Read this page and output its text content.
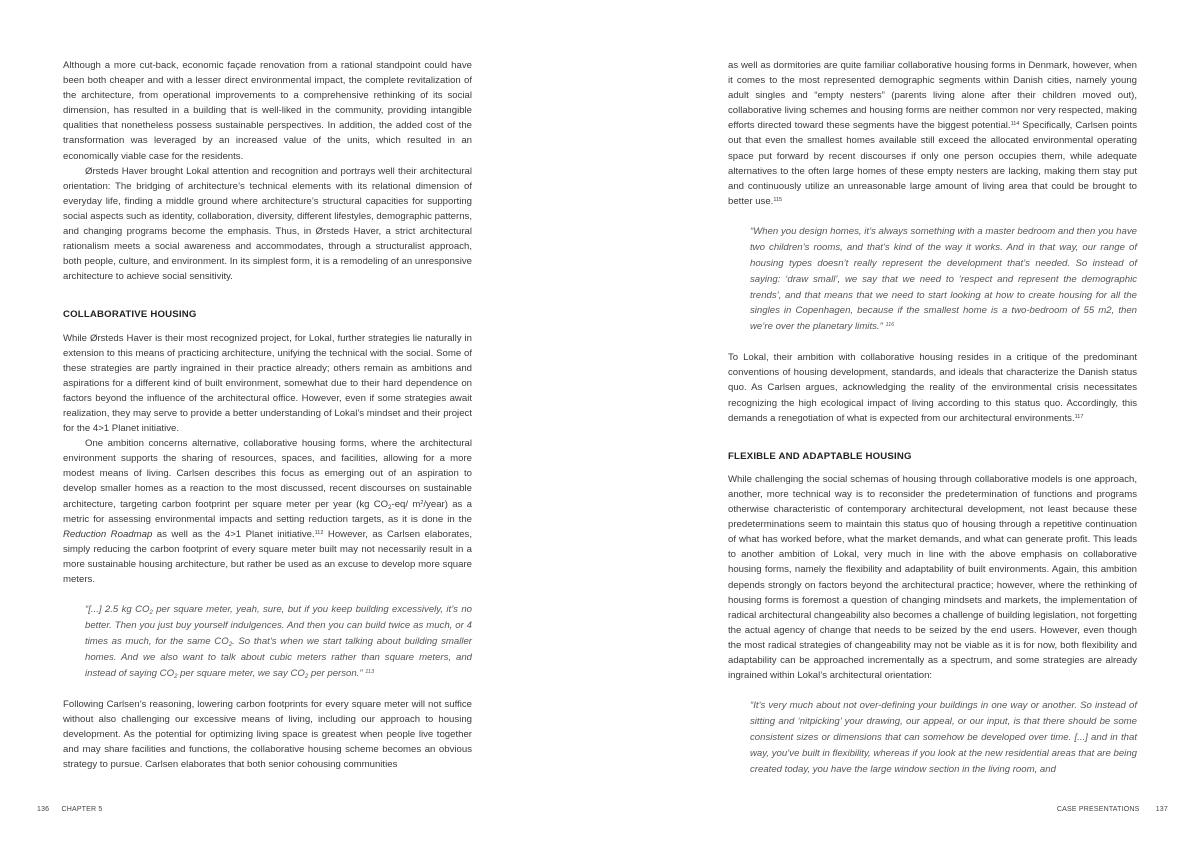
Although a more cut-back, economic façade renovation from a rational standpoint could have been both cheaper and with a lesser direct environmental impact, the complete revitalization of the architecture, from operational improvements to a comprehensive rethinking of its social dimension, has resulted in a building that is well-liked in the community, providing intangible qualities that nonetheless possess sustainable perspectives. In addition, the added cost of the transformation was leveraged by an increased value of the units, which resulted in an economically viable case for the residents.

Ørsteds Haver brought Lokal attention and recognition and portrays well their architectural orientation: The bridging of architecture’s technical elements with its relational dimension of everyday life, finding a middle ground where architecture’s structural capacities for supporting social aspects such as identity, collaboration, diversity, different lifestyles, demographic patterns, and changing programs become the emphasis. Thus, in Ørsteds Haver, a strict architectural rationalism meets a social awareness and accommodates, through a structuralist approach, both people, culture, and environment. In its simplest form, it is a remodeling of an unresponsive architecture to achieve social sensitivity.

COLLABORATIVE HOUSING

While Ørsteds Haver is their most recognized project, for Lokal, further strategies lie naturally in extension to this means of practicing architecture, unifying the technical with the social. Some of these strategies are partly ingrained in their practice already; others remain as ambitions and aspirations for a different kind of built environment, somewhat due to their hard dependence on factors beyond the influence of the architectural office. However, even if some strategies await realization, they may serve to provide a better understanding of Lokal’s mindset and their project for the 4>1 Planet initiative.

One ambition concerns alternative, collaborative housing forms, where the architectural environment supports the sharing of resources, spaces, and facilities, allowing for a more modest means of living. Carlsen describes this focus as emerging out of an aspiration to develop smaller homes as a reaction to the most discussed, recent discourses on sustainable architecture, targeting carbon footprint per square meter per year (kg $CO_2-eq/$ $m^2/year$) as a metric for assessing environmental impacts and setting reduction targets, as it is done in the Reduction Roadmap as well as the 4>1 Planet initiative.$^{112}$ However, as Carlsen elaborates, simply reducing the carbon footprint of every square meter built may not necessarily result in a more sustainable housing architecture, but rather be used as an excuse to develop more square meters.

“[...] 2.5 kg $CO_2$ per square meter, yeah, sure, but if you keep building excessively, it’s no better. Then you just buy yourself indulgences. And then you can build twice as much, or 4 times as much, for the same $CO_2$. So that’s when we start talking about building smaller homes. And we also want to talk about cubic meters rather than square meters, and instead of saying $CO_2$ per square meter, we say $CO_2$ per person.” $^{113}$

Following Carlsen’s reasoning, lowering carbon footprints for every square meter will not suffice without also challenging our excessive means of living, including our approach to housing development. As the potential for optimizing living space is greatest when people live together and may share facilities and functions, the collaborative housing scheme becomes an obvious strategy to pursue. Carlsen elaborates that both senior cohousing communities

136 CHAPTER 5

as well as dormitories are quite familiar collaborative housing forms in Denmark, however, when it comes to the most represented demographic segments within Danish cities, namely young adult singles and “empty nesters” (parents living alone after their children moved out), collaborative living schemes and housing forms are neither common nor very respected, making efforts directed toward these segments have the biggest potential.$^{114}$ Specifically, Carlsen points out that even the smallest homes available still exceed the allocated environmental operating space put forward by recent discourses if only one person occupies them, while adequate alternatives to the often large homes of these empty nesters are lacking, making them stay put and continuously utilize an unreasonable large amount of living area that could be brought to better use.$^{115}$

“When you design homes, it’s always something with a master bedroom and then you have two children’s rooms, and that’s kind of the way it works. And in that way, our range of housing types doesn’t really represent the development that’s needed. So instead of saying: ‘draw small’, we say that we need to ‘respect and represent the demographic trends’, and that means that we need to start looking at how to create housing for all the singles in Copenhagen, because if the smallest home is a two-bedroom of 55 m2, then we’re over the planetary limits.” $^{116}$

To Lokal, their ambition with collaborative housing resides in a critique of the predominant conventions of housing development, standards, and ideals that characterize the Danish status quo. As Carlsen argues, acknowledging the reality of the environmental crisis necessitates recognizing the high ecological impact of living according to this status quo. Accordingly, this demands a renegotiation of what is expected from our architectural environments.$^{117}$

FLEXIBLE AND ADAPTABLE HOUSING

While challenging the social schemas of housing through collaborative models is one approach, another, more technical way is to reconsider the predetermination of functions and programs otherwise characteristic of contemporary architectural development, not least because these predeterminations seem to maintain this status quo of housing through a repetitive continuation of what has worked before, what the market demands, and what can generate profit. This leads to another ambition of Lokal, very much in line with the above emphasis on collaborative housing forms, namely the flexibility and adaptability of built environments. Again, this ambition depends strongly on factors beyond the architectural practice; however, where the rethinking of housing forms is foremost a question of changing mindsets and markets, the implementation of radical architectural changeability also becomes a challenge of building legislation, not forgetting the actual agency of change that needs to be seized by the end users. However, even though the most radical strategies of changeability may not be viable as it is for now, both flexibility and adaptability can be approached incrementally as a spectrum, and some strategies are already ingrained within Lokal’s architectural orientation:

“It’s very much about not over-defining your buildings in one way or another. So instead of sitting and ‘nitpicking’ your drawing, our appeal, or our input, is that there should be some consistent sizes or dimensions that can somehow be developed over time. [...] and in that way, you’ve built in flexibility, whereas if you look at the new residential areas that are being created today, you have the large window section in the living room, and

CASE PRESENTATIONS 137
